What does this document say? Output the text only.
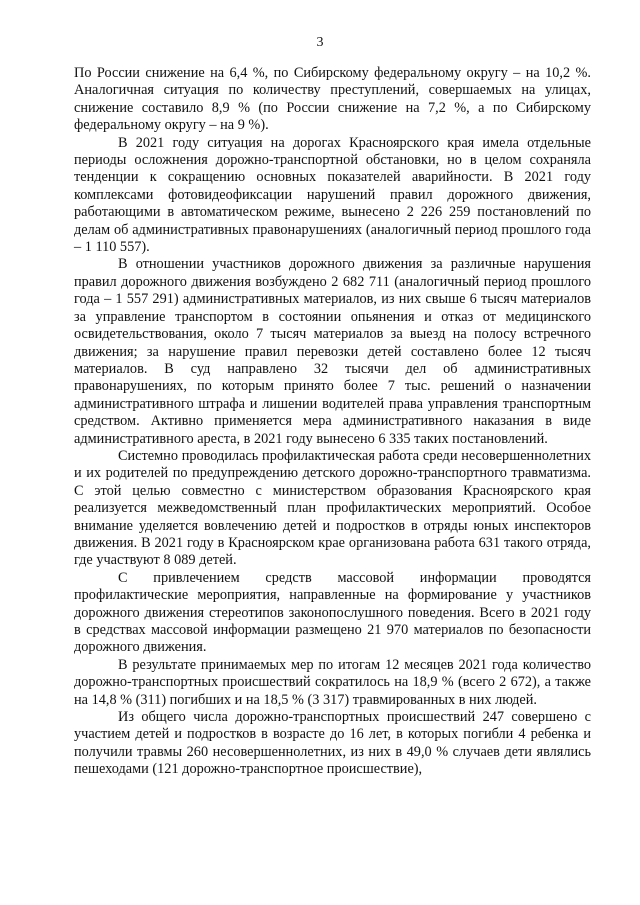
3

По России снижение на 6,4 %, по Сибирскому федеральному округу – на 10,2 %. Аналогичная ситуация по количеству преступлений, совершаемых на улицах, снижение составило 8,9 % (по России снижение на 7,2 %, а по Сибирскому федеральному округу – на 9 %).

В 2021 году ситуация на дорогах Красноярского края имела отдельные периоды осложнения дорожно-транспортной обстановки, но в целом сохраняла тенденции к сокращению основных показателей аварийности. В 2021 году комплексами фотовидеофиксации нарушений правил дорожного движения, работающими в автоматическом режиме, вынесено 2 226 259 постановлений по делам об административных правонарушениях (аналогичный период прошлого года – 1 110 557).

В отношении участников дорожного движения за различные нарушения правил дорожного движения возбуждено 2 682 711 (аналогичный период прошлого года – 1 557 291) административных материалов, из них свыше 6 тысяч материалов за управление транспортом в состоянии опьянения и отказ от медицинского освидетельствования, около 7 тысяч материалов за выезд на полосу встречного движения; за нарушение правил перевозки детей составлено более 12 тысяч материалов. В суд направлено 32 тысячи дел об административных правонарушениях, по которым принято более 7 тыс. решений о назначении административного штрафа и лишении водителей права управления транспортным средством. Активно применяется мера административного наказания в виде административного ареста, в 2021 году вынесено 6 335 таких постановлений.

Системно проводилась профилактическая работа среди несовершеннолетних и их родителей по предупреждению детского дорожно-транспортного травматизма. С этой целью совместно с министерством образования Красноярского края реализуется межведомственный план профилактических мероприятий. Особое внимание уделяется вовлечению детей и подростков в отряды юных инспекторов движения. В 2021 году в Красноярском крае организована работа 631 такого отряда, где участвуют 8 089 детей.

С привлечением средств массовой информации проводятся профилактические мероприятия, направленные на формирование у участников дорожного движения стереотипов законопослушного поведения. Всего в 2021 году в средствах массовой информации размещено 21 970 материалов по безопасности дорожного движения.

В результате принимаемых мер по итогам 12 месяцев 2021 года количество дорожно-транспортных происшествий сократилось на 18,9 % (всего 2 672), а также на 14,8 % (311) погибших и на 18,5 % (3 317) травмированных в них людей.

Из общего числа дорожно-транспортных происшествий 247 совершено с участием детей и подростков в возрасте до 16 лет, в которых погибли 4 ребенка и получили травмы 260 несовершеннолетних, из них в 49,0 % случаев дети являлись пешеходами (121 дорожно-транспортное происшествие),
